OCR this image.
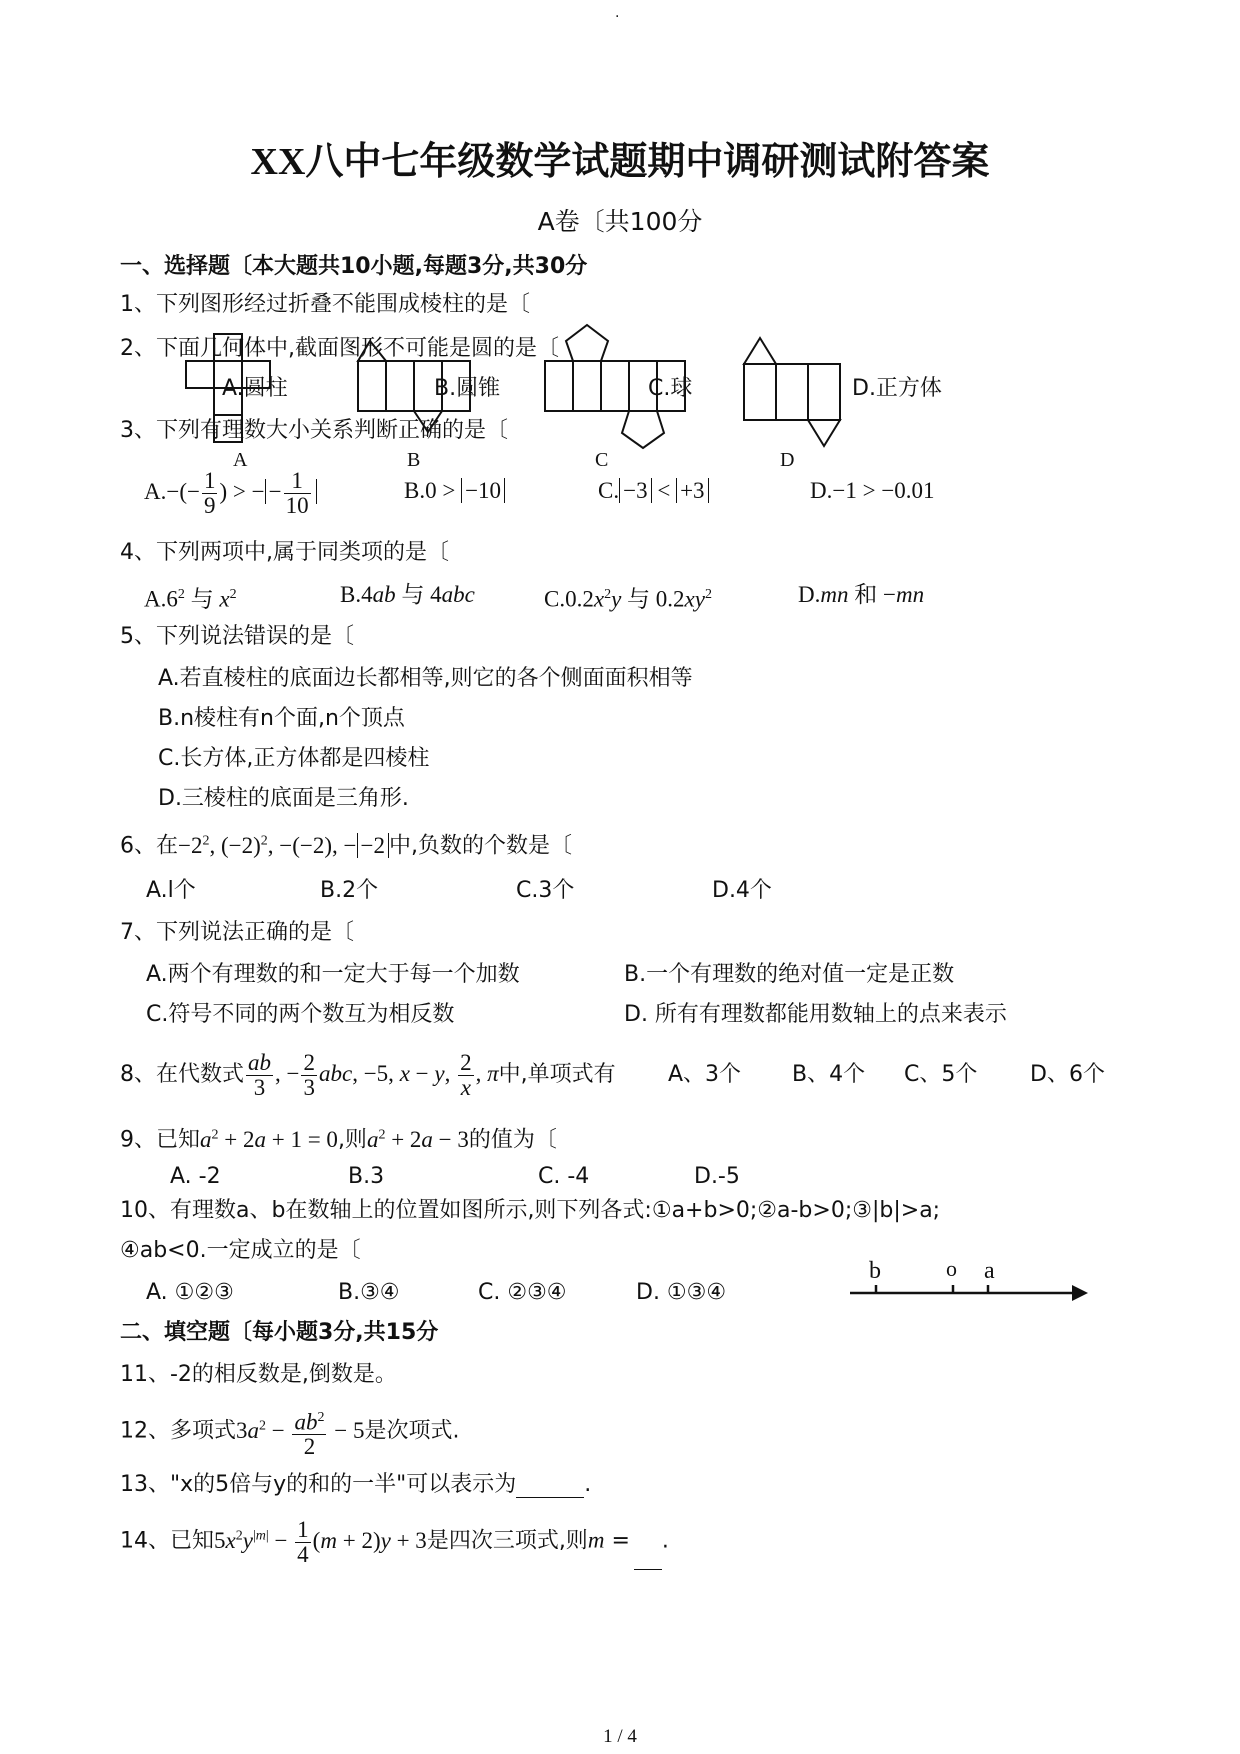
·
XX八中七年级数学试题期中调研测试附答案
A卷〔共100分
一、选择题〔本大题共10小题,每题3分,共30分
1、下列图形经过折叠不能围成棱柱的是〔
A	B	C	D
2、下面几何体中,截面图形不可能是圆的是〔
A.圆柱	B.圆锥	C.球	D.正方体
3、下列有理数大小关系判断正确的是〔
$A.-(- \frac{1}{9}$ ) > − − $\frac{1}{10}$	B.0 > −10	C. −3 < +3	D.−1 > −0.01
4、下列两项中,属于同类项的是〔
$A.6^2$ 与 $x^2$	B.4ab 与 4abc	$C.0.2x^2y$ 与 $0.2xy^2$	D.mn 和 −mn
5、下列说法错误的是〔
A.若直棱柱的底面边长都相等,则它的各个侧面面积相等
B.n棱柱有n个面,n个顶点
C.长方体,正方体都是四棱柱
D.三棱柱的底面是三角形.
6、在$-2^2$, $(-2)^2$, −(−2), − −2 中,负数的个数是〔
A.l个	B.2个	C.3个	D.4个
7、下列说法正确的是〔
A.两个有理数的和一定大于每一个加数	B.一个有理数的绝对值一定是正数
C.符号不同的两个数互为相反数	D. 所有有理数都能用数轴上的点来表示
8、在代数式 $\frac{ab}{3}$ , − $\frac{2}{3}$ abc, −5, x − y, $\frac{2}{x}$ , π中,单项式有 A、3个 B、4个 C、5个 D、6个
9、已知$a^2 + 2a + 1 = 0$,则$a^2 + 2a - 3$的值为〔
A. -2	B.3	C. -4	D.-5
10、有理数a、b在数轴上的位置如图所示,则下列各式:①a+b>0;②a-b>0;③|b|>a;
④ab<0.一定成立的是〔
A. ①②③	B.③④	C. ②③④	D. ①③④
b	o a
二、填空题〔每小题3分,共15分
11、-2的相反数是,倒数是。
12、多项式$3a^2 - \frac{ab^2}{2} - 5$是次项式.
13、"x的5倍与y的和的一半"可以表示为	.
14、已知$5x^2y^{|m|} - \frac{1}{4} (m + 2)y + 3$是四次三项式,则m = .
1 / 4
